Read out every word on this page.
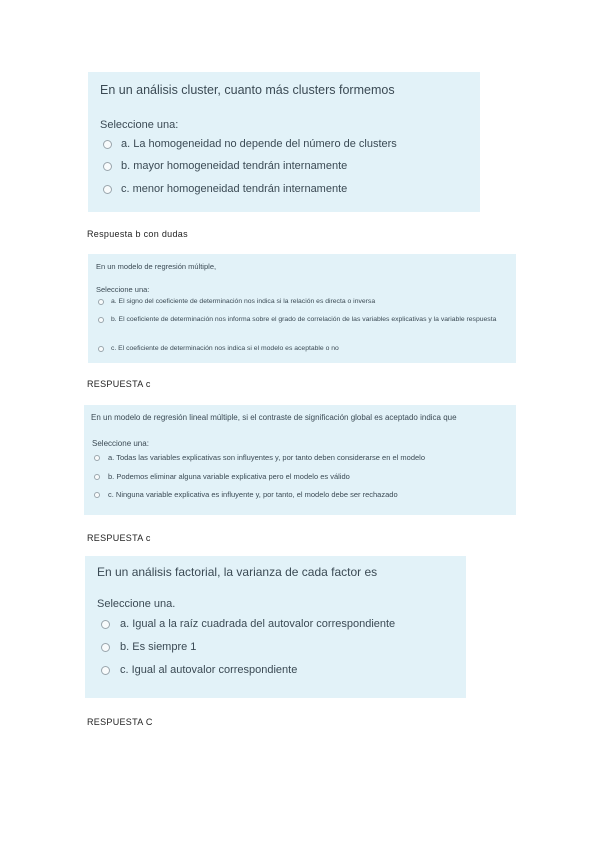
En un análisis cluster, cuanto más clusters formemos
Seleccione una:
a. La homogeneidad no depende del número de clusters
b. mayor homogeneidad tendrán internamente
c. menor homogeneidad tendrán internamente
Respuesta b con dudas
En un modelo de regresión múltiple,
Seleccione una:
a. El signo del coeficiente de determinación nos indica si la relación es directa o inversa
b. El coeficiente de determinación nos informa sobre el grado de correlación de las variables explicativas y la variable respuesta
c. El coeficiente de determinación nos indica si el modelo es aceptable o no
RESPUESTA c
En un modelo de regresión lineal múltiple, si el contraste de significación global es aceptado indica que
Seleccione una:
a. Todas las variables explicativas son influyentes y, por tanto deben considerarse en el modelo
b. Podemos eliminar alguna variable explicativa pero el modelo es válido
c. Ninguna variable explicativa es influyente y, por tanto, el modelo debe ser rechazado
RESPUESTA c
En un análisis factorial, la varianza de cada factor es
Seleccione una.
a. Igual a la raíz cuadrada del autovalor correspondiente
b. Es siempre 1
c. Igual al autovalor correspondiente
RESPUESTA C
